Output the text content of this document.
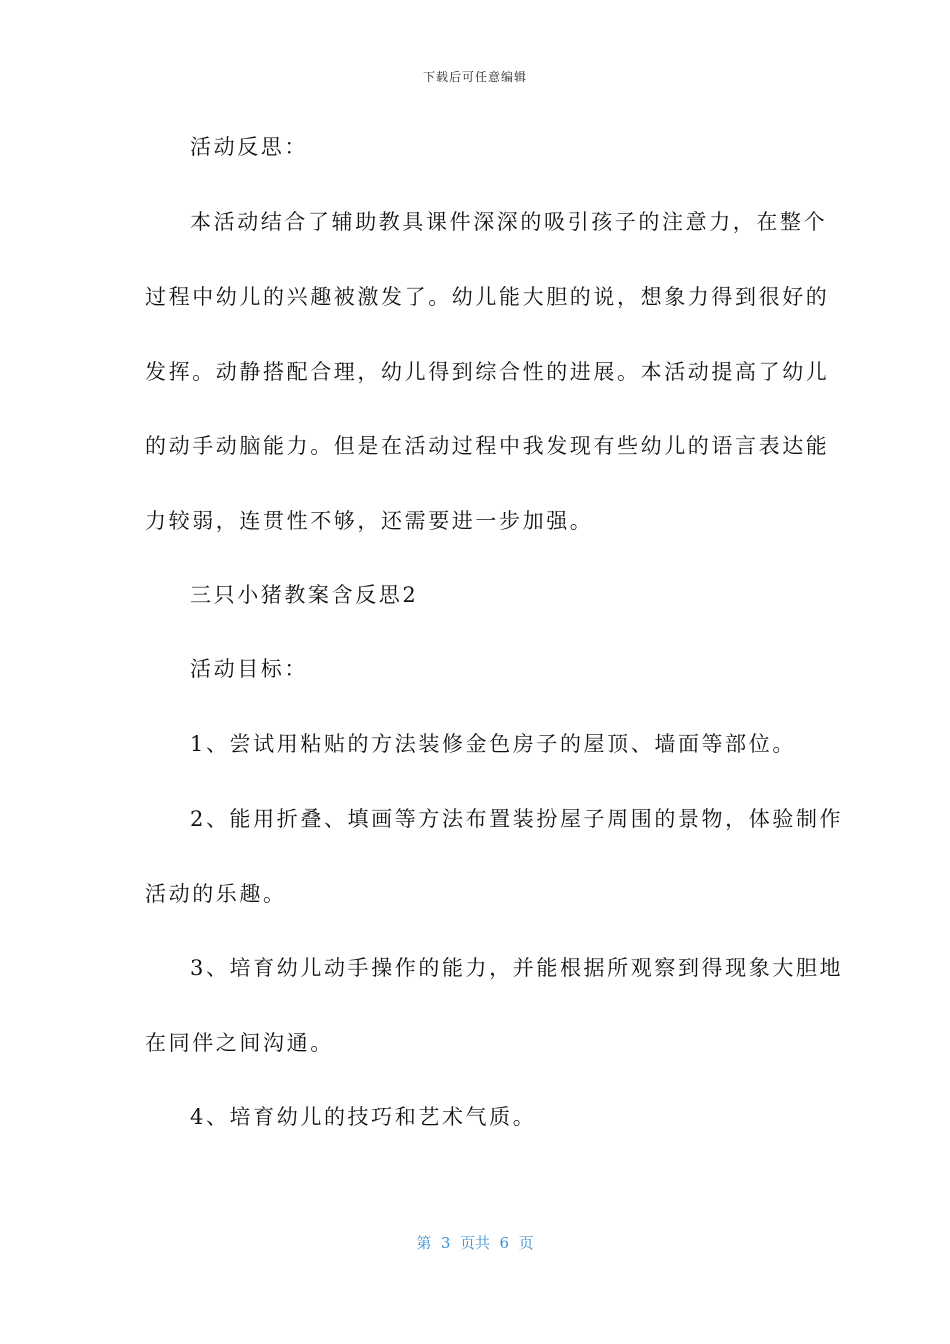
下载后可任意编辑
活动反思：
本活动结合了辅助教具课件深深的吸引孩子的注意力，在整个
过程中幼儿的兴趣被激发了。幼儿能大胆的说，想象力得到很好的
发挥。动静搭配合理，幼儿得到综合性的进展。本活动提高了幼儿
的动手动脑能力。但是在活动过程中我发现有些幼儿的语言表达能
力较弱，连贯性不够，还需要进一步加强。
三只小猪教案含反思2
活动目标：
1、尝试用粘贴的方法装修金色房子的屋顶、墙面等部位。
2、能用折叠、填画等方法布置装扮屋子周围的景物，体验制作
活动的乐趣。
3、培育幼儿动手操作的能力，并能根据所观察到得现象大胆地
在同伴之间沟通。
4、培育幼儿的技巧和艺术气质。
第  3  页共  6  页
